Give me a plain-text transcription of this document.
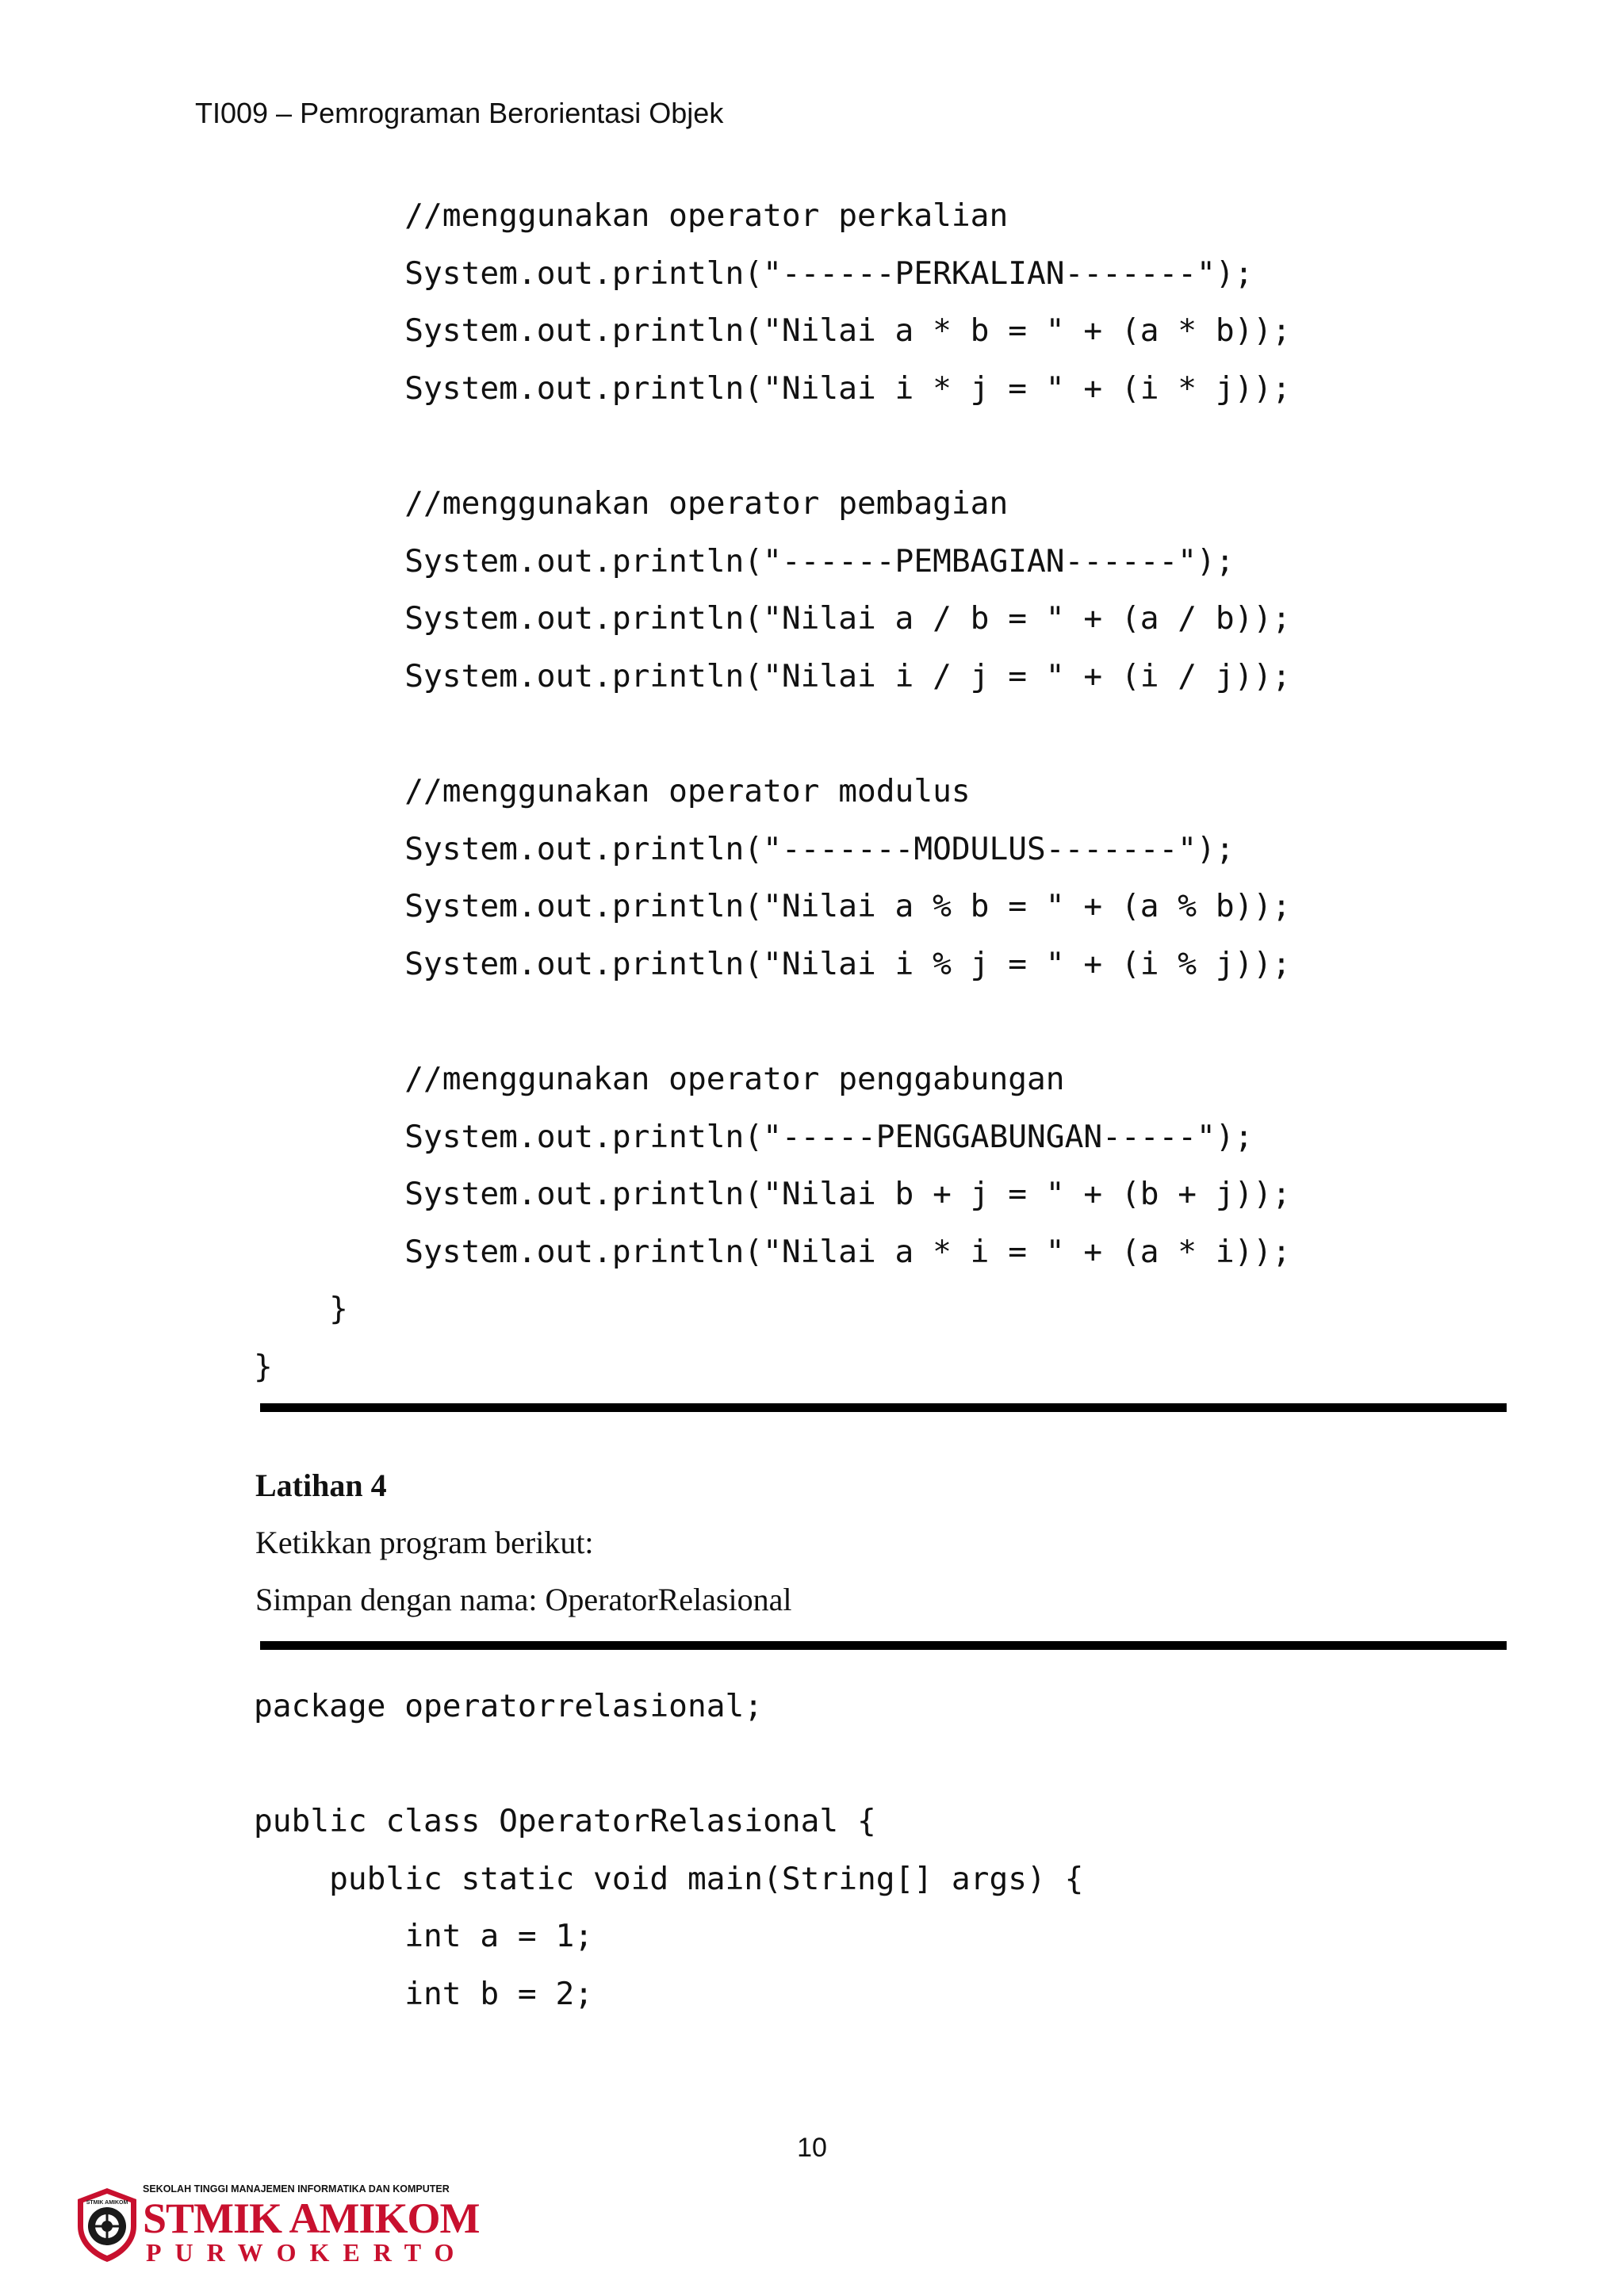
TI009 – Pemrograman Berorientasi Objek
//menggunakan operator perkalian
System.out.println("------PERKALIAN-------");
System.out.println("Nilai a * b = " + (a * b));
System.out.println("Nilai i * j = " + (i * j));

//menggunakan operator pembagian
System.out.println("------PEMBAGIAN------");
System.out.println("Nilai a / b = " + (a / b));
System.out.println("Nilai i / j = " + (i / j));

//menggunakan operator modulus
System.out.println("-------MODULUS-------");
System.out.println("Nilai a % b = " + (a % b));
System.out.println("Nilai i % j = " + (i % j));

//menggunakan operator penggabungan
System.out.println("-----PENGGABUNGAN-----");
System.out.println("Nilai b + j = " + (b + j));
System.out.println("Nilai a * i = " + (a * i));
}
}
Latihan 4
Ketikkan program berikut:
Simpan dengan nama: OperatorRelasional
package operatorrelasional;

public class OperatorRelasional {
public static void main(String[] args) {
int a = 1;
int b = 2;
10
STMIK AMIKOM
SEKOLAH TINGGI MANAJEMEN INFORMATIKA DAN KOMPUTER
STMIK AMIKOM
PURWOKERTO
